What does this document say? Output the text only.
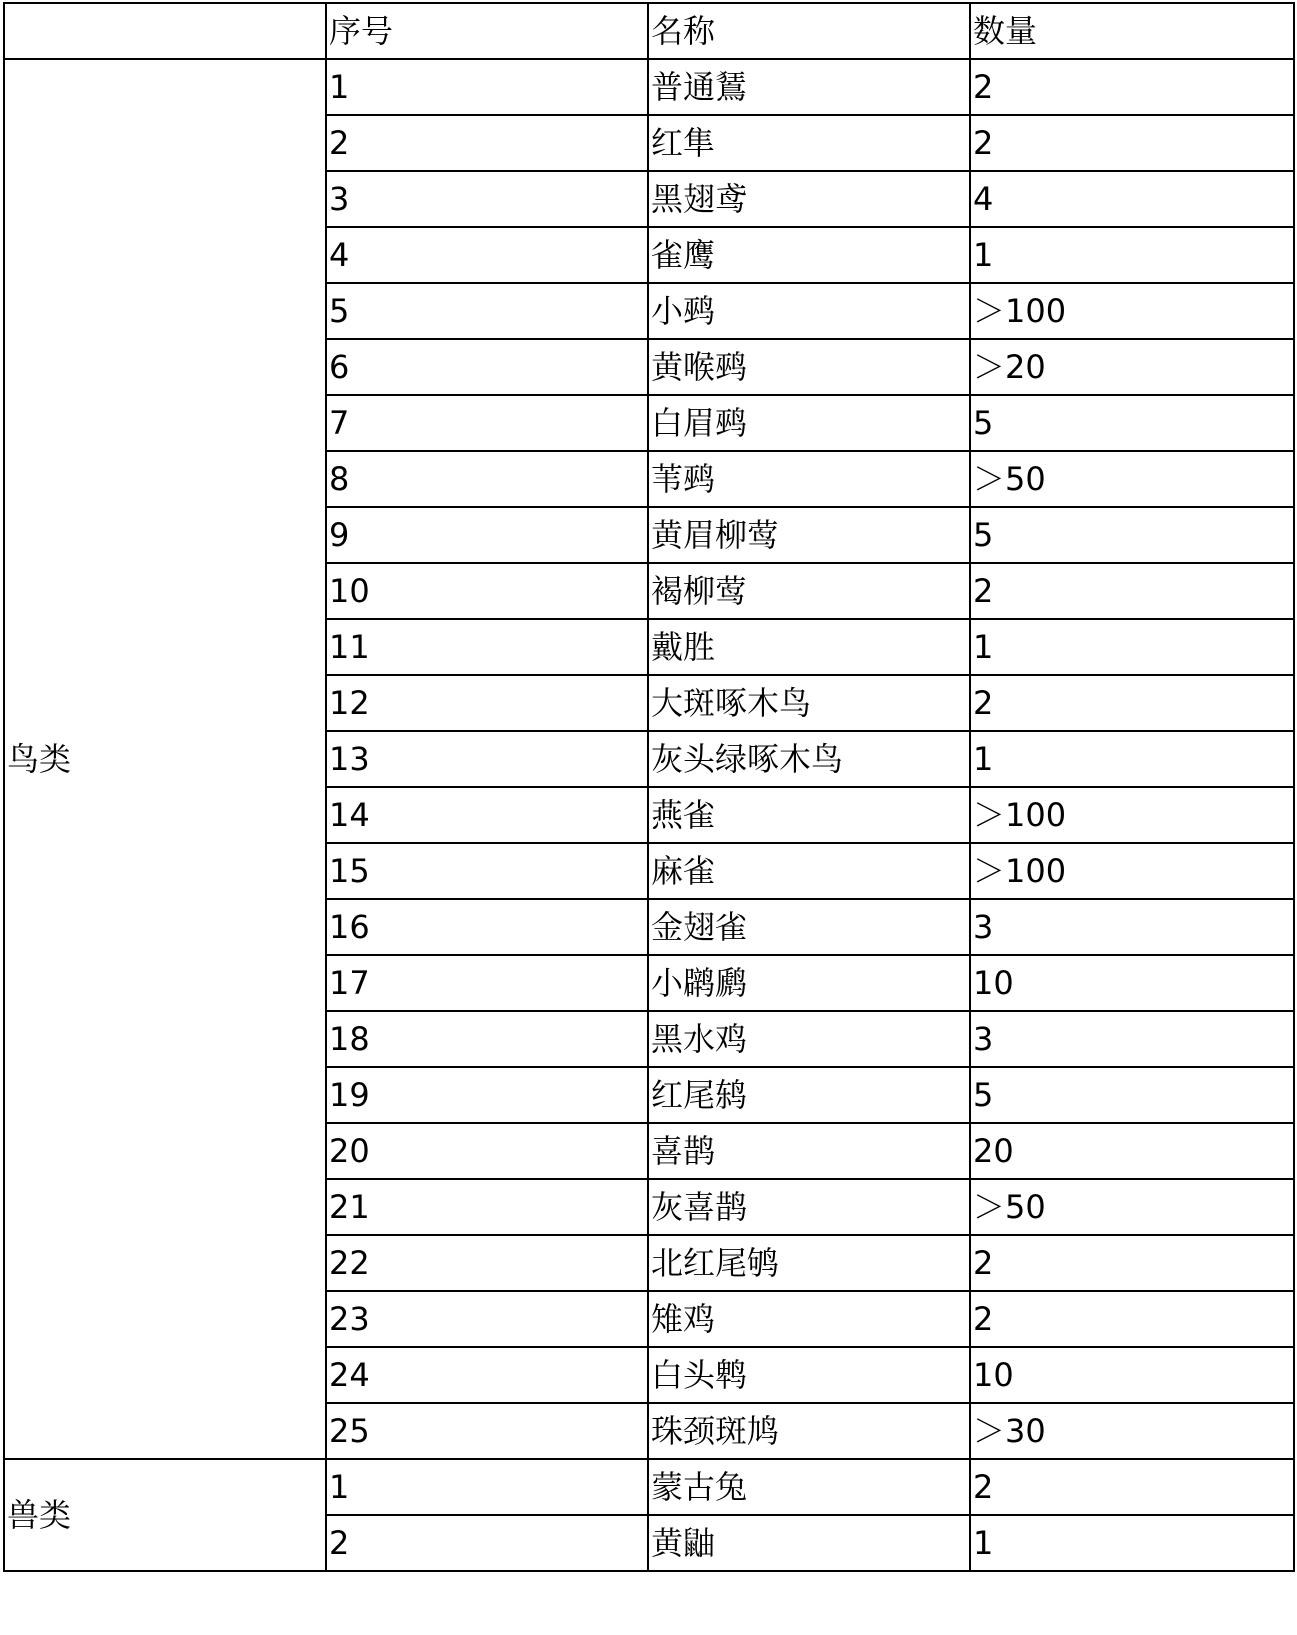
	序号	名称	数量
鸟类	1	普通鵟	2
	2	红隼	2
	3	黑翅鸢	4
	4	雀鹰	1
	5	小鹀	＞100
	6	黄喉鹀	＞20
	7	白眉鹀	5
	8	苇鹀	＞50
	9	黄眉柳莺	5
	10	褐柳莺	2
	11	戴胜	1
	12	大斑啄木鸟	2
	13	灰头绿啄木鸟	1
	14	燕雀	＞100
	15	麻雀	＞100
	16	金翅雀	3
	17	小䴙䴘	10
	18	黑水鸡	3
	19	红尾鸫	5
	20	喜鹊	20
	21	灰喜鹊	＞50
	22	北红尾鸲	2
	23	雉鸡	2
	24	白头鹎	10
	25	珠颈斑鸠	＞30
兽类	1	蒙古兔	2
	2	黄鼬	1
